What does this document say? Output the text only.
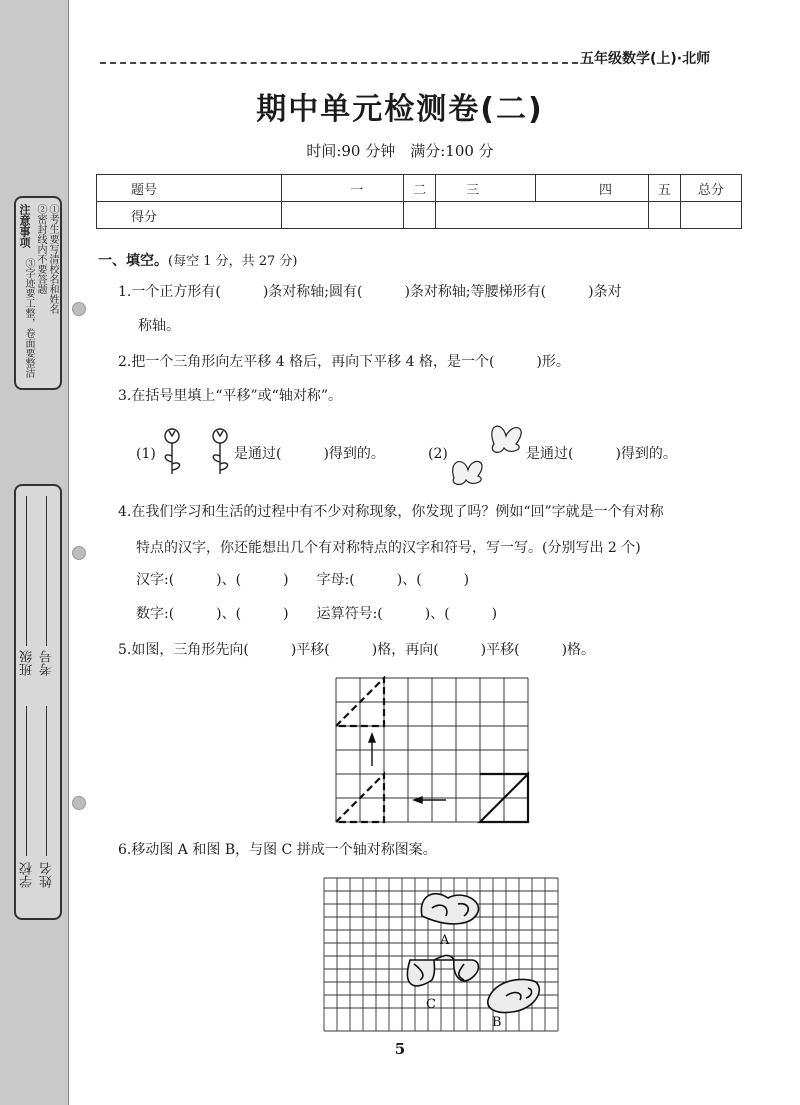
注意事项 ①考生要写清校名和姓名
②密封线内不要答题
③字迹要工整，卷面要整洁
班级 考号
学校 姓名
五年级数学(上)·北师
期中单元检测卷(二)
时间:90 分钟　满分:100 分
题号	一	二	三	四	五	总分
得分						
一、填空。(每空 1 分，共 27 分)
1.一个正方形有(　　　)条对称轴;圆有(　　　)条对称轴;等腰梯形有(　　　)条对
称轴。
2.把一个三角形向左平移 4 格后，再向下平移 4 格，是一个(　　　)形。
3.在括号里填上“平移”或“轴对称”。
(1)	是通过(　　　)得到的。	(2)	是通过(　　　)得到的。
4.在我们学习和生活的过程中有不少对称现象，你发现了吗？例如“回”字就是一个有对称
特点的汉字，你还能想出几个有对称特点的汉字和符号，写一写。(分别写出 2 个)
汉字:(　　　)、(　　　)　　字母:(　　　)、(　　　)
数字:(　　　)、(　　　)　　运算符号:(　　　)、(　　　)
5.如图，三角形先向(　　　)平移(　　　)格，再向(　　　)平移(　　　)格。
6.移动图 A 和图 B，与图 C 拼成一个轴对称图案。
A
C
B
5
